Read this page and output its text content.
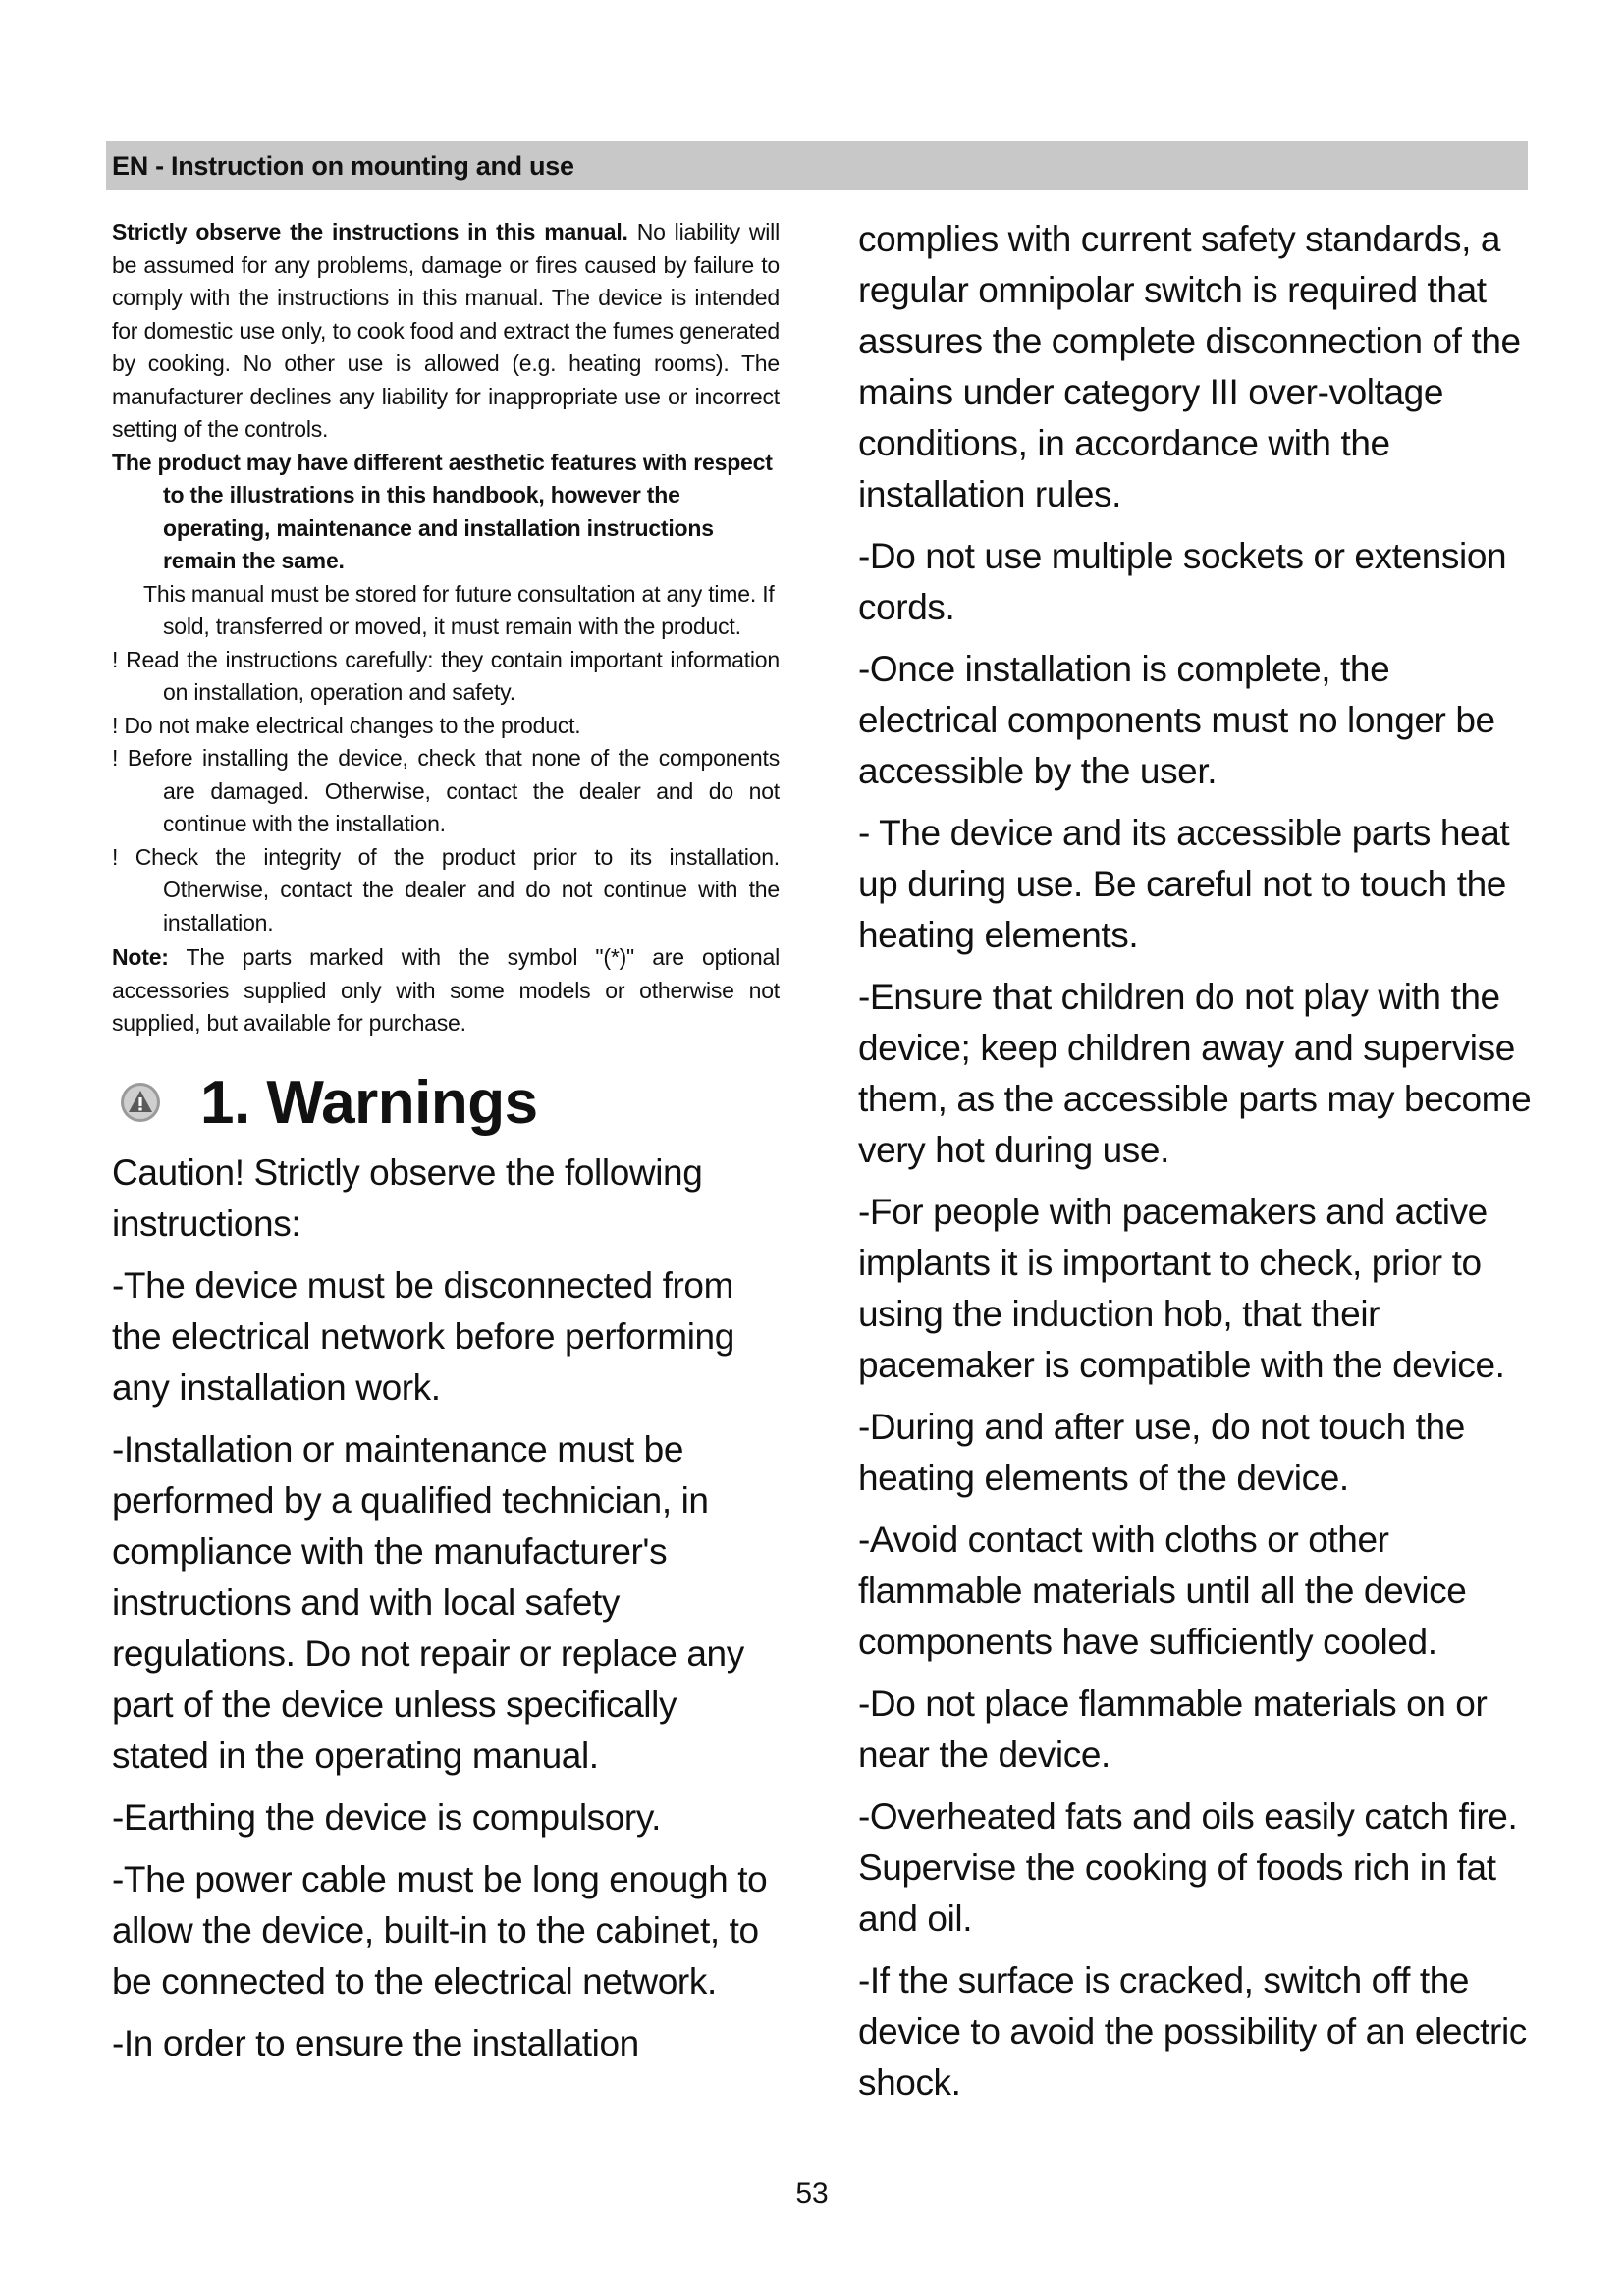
EN - Instruction on mounting and use

Strictly observe the instructions in this manual. No liability will be assumed for any problems, damage or fires caused by failure to comply with the instructions in this manual. The device is intended for domestic use only, to cook food and extract the fumes generated by cooking. No other use is allowed (e.g. heating rooms). The manufacturer declines any liability for inappropriate use or incorrect setting of the controls.

The product may have different aesthetic features with respect to the illustrations in this handbook, however the operating, maintenance and installation instructions remain the same.

This manual must be stored for future consultation at any time. If sold, transferred or moved, it must remain with the product.

! Read the instructions carefully: they contain important information on installation, operation and safety.

! Do not make electrical changes to the product.

! Before installing the device, check that none of the components are damaged. Otherwise, contact the dealer and do not continue with the installation.

! Check the integrity of the product prior to its installation. Otherwise, contact the dealer and do not continue with the installation.

Note: The parts marked with the symbol "(*)" are optional accessories supplied only with some models or otherwise not supplied, but available for purchase.

1. Warnings

Caution! Strictly observe the following instructions:

-The device must be disconnected from the electrical network before performing any installation work.

-Installation or maintenance must be performed by a qualified technician, in compliance with the manufacturer's instructions and with local safety regulations. Do not repair or replace any part of the device unless specifically stated in the operating manual.

-Earthing the device is compulsory.

-The power cable must be long enough to allow the device, built-in to the cabinet, to be connected to the electrical network.

-In order to ensure the installation

complies with current safety standards, a regular omnipolar switch is required that assures the complete disconnection of the mains under category III over-voltage conditions, in accordance with the installation rules.

-Do not use multiple sockets or extension cords.

-Once installation is complete, the electrical components must no longer be accessible by the user.

- The device and its accessible parts heat up during use. Be careful not to touch the heating elements.

-Ensure that children do not play with the device; keep children away and supervise them, as the accessible parts may become very hot during use.

-For people with pacemakers and active implants it is important to check, prior to using the induction hob, that their pacemaker is compatible with the device.

-During and after use, do not touch the heating elements of the device.

-Avoid contact with cloths or other flammable materials until all the device components have sufficiently cooled.

-Do not place flammable materials on or near the device.

-Overheated fats and oils easily catch fire. Supervise the cooking of foods rich in fat and oil.

-If the surface is cracked, switch off the device to avoid the possibility of an electric shock.

53
